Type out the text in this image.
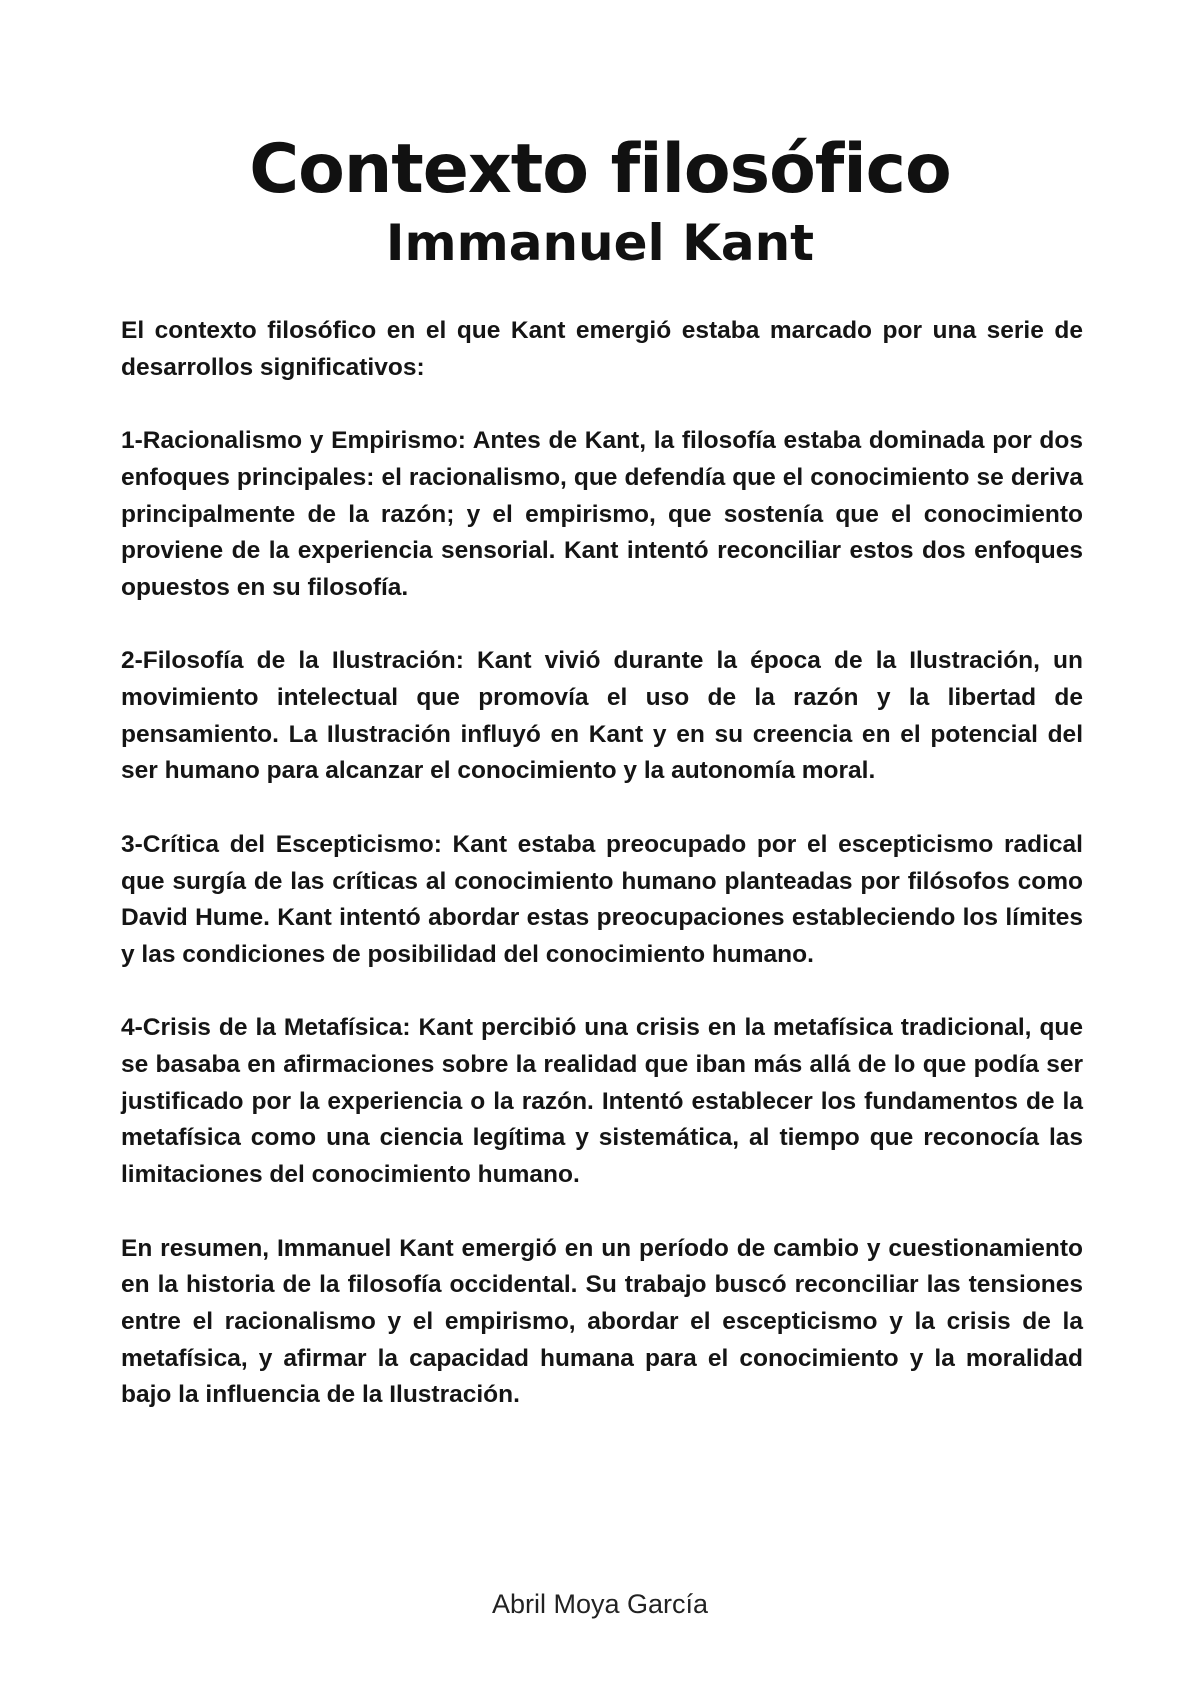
Contexto filosófico
Immanuel Kant

El contexto filosófico en el que Kant emergió estaba marcado por una serie de desarrollos significativos:

1-Racionalismo y Empirismo: Antes de Kant, la filosofía estaba dominada por dos enfoques principales: el racionalismo, que defendía que el conocimiento se deriva principalmente de la razón; y el empirismo, que sostenía que el conocimiento proviene de la experiencia sensorial. Kant intentó reconciliar estos dos enfoques opuestos en su filosofía.

2-Filosofía de la Ilustración: Kant vivió durante la época de la Ilustración, un movimiento intelectual que promovía el uso de la razón y la libertad de pensamiento. La Ilustración influyó en Kant y en su creencia en el potencial del ser humano para alcanzar el conocimiento y la autonomía moral.

3-Crítica del Escepticismo: Kant estaba preocupado por el escepticismo radical que surgía de las críticas al conocimiento humano planteadas por filósofos como David Hume. Kant intentó abordar estas preocupaciones estableciendo los límites y las condiciones de posibilidad del conocimiento humano.

4-Crisis de la Metafísica: Kant percibió una crisis en la metafísica tradicional, que se basaba en afirmaciones sobre la realidad que iban más allá de lo que podía ser justificado por la experiencia o la razón. Intentó establecer los fundamentos de la metafísica como una ciencia legítima y sistemática, al tiempo que reconocía las limitaciones del conocimiento humano.

En resumen, Immanuel Kant emergió en un período de cambio y cuestionamiento en la historia de la filosofía occidental. Su trabajo buscó reconciliar las tensiones entre el racionalismo y el empirismo, abordar el escepticismo y la crisis de la metafísica, y afirmar la capacidad humana para el conocimiento y la moralidad bajo la influencia de la Ilustración.

Abril Moya García
